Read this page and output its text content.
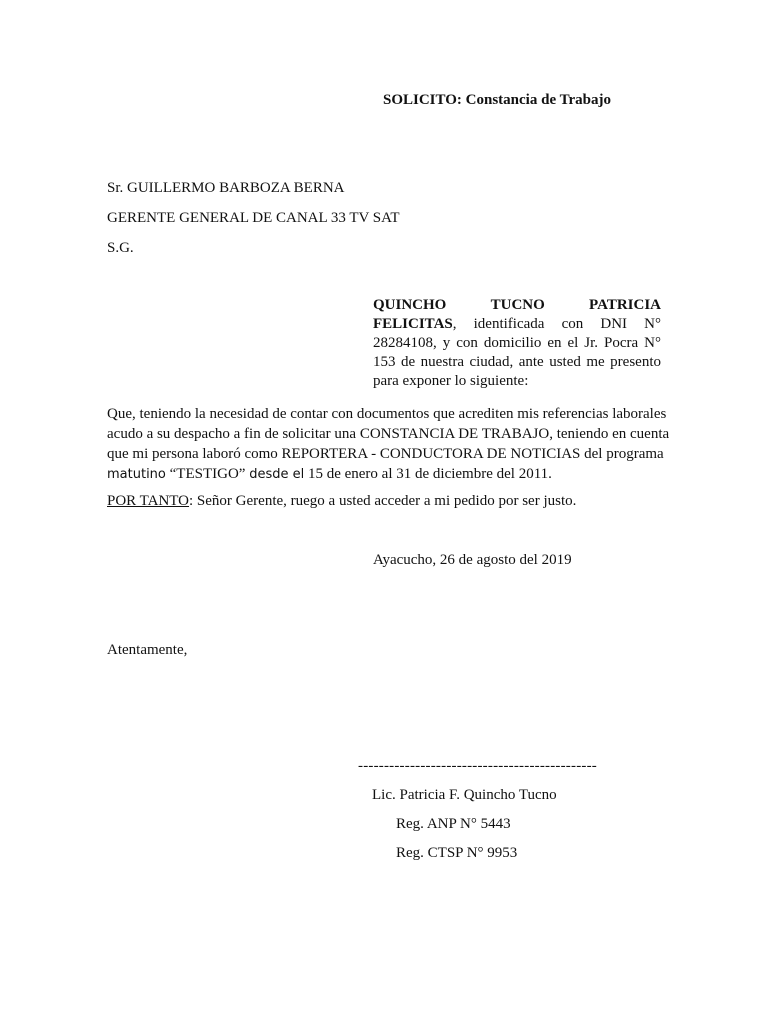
SOLICITO: Constancia de Trabajo
Sr. GUILLERMO BARBOZA BERNA
GERENTE GENERAL DE CANAL 33 TV SAT
S.G.
QUINCHO	TUCNO	PATRICIA
FELICITAS, identificada con DNI N° 28284108, y con domicilio en el Jr. Pocra N° 153 de nuestra ciudad, ante usted me presento para exponer lo siguiente:
Que, teniendo la necesidad de contar con documentos que acrediten mis referencias laborales
acudo a su despacho a fin de solicitar una CONSTANCIA DE TRABAJO, teniendo en cuenta
que mi persona laboró como REPORTERA - CONDUCTORA DE NOTICIAS del programa
matutino “TESTIGO” desde el 15 de enero al 31 de diciembre del 2011.
POR TANTO: Señor Gerente, ruego a usted acceder a mi pedido por ser justo.
Ayacucho, 26 de agosto del 2019
Atentamente,
----------------------------------------------
Lic. Patricia F. Quincho Tucno
Reg. ANP N° 5443
Reg. CTSP N° 9953
